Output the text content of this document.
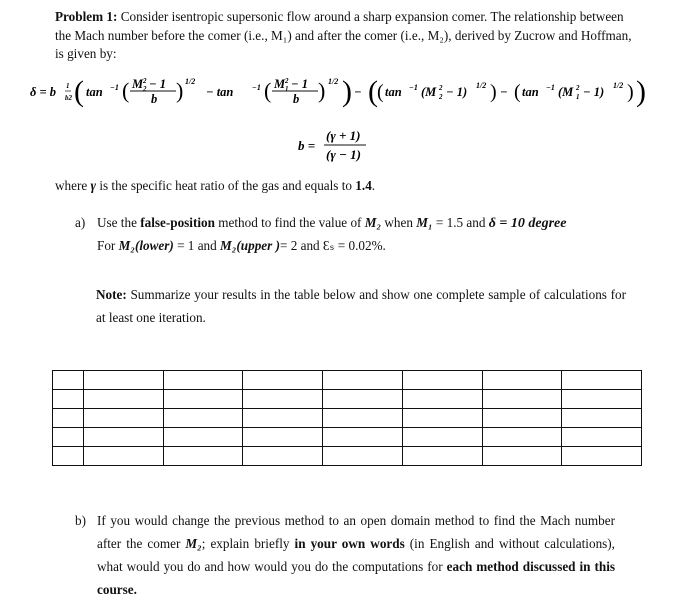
Problem 1: Consider isentropic supersonic flow around a sharp expansion comer. The relationship between the Mach number before the comer (i.e., M₁) and after the comer (i.e., M₂), derived by Zucrow and Hoffman, is given by:
δ = b 1
b2 ( tan −1 ( M 2
2 − 1
b ) 1/2
− tan −1 ( M 1
2 − 1
b ) 1/2 ) − ( ( tan −1 (M 2
2 − 1) 1/2 ) − ( tan −1 (M 1
2 − 1) 1/2 ) )
b =
(γ + 1)
(γ − 1)
where γ is the specific heat ratio of the gas and equals to 1.4.
a) Use the false-position method to find the value of M₂ when M₁ = 1.5 and δ = 10 degree
For M₂(lower) = 1 and M₂(upper )= 2 and Ɛₛ = 0.02%.
Note: Summarize your results in the table below and show one complete sample of calculations for at least one iteration.

b) If you would change the previous method to an open domain method to find the Mach number after the comer M₂; explain briefly in your own words (in English and without calculations), what would you do and how would you do the computations for each method discussed in this course.
